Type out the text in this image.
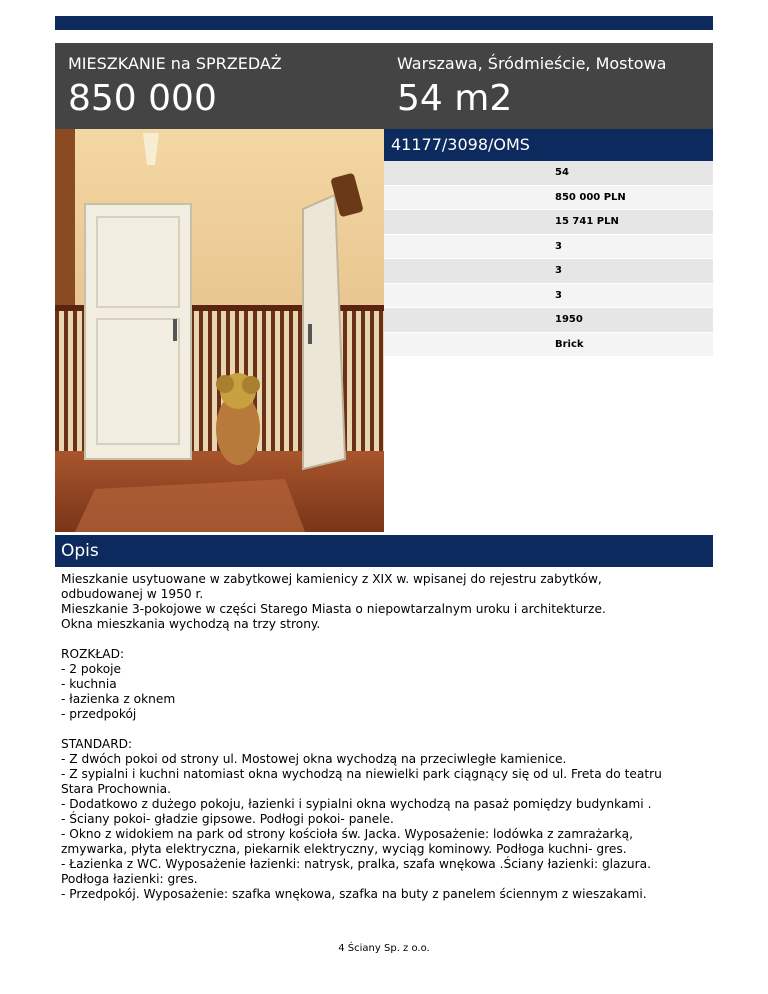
MIESZKANIE na SPRZEDAŻ
850 000
Warszawa, Śródmieście, Mostowa
54 m2
41177/3098/OMS
54
850 000 PLN
15 741 PLN
3
3
3
1950
Brick
Opis

Mieszkanie usytuowane w zabytkowej kamienicy z XIX w. wpisanej do rejestru zabytków,

odbudowanej w 1950 r.

Mieszkanie 3-pokojowe w części Starego Miasta o niepowtarzalnym uroku i architekturze.

Okna mieszkania wychodzą na trzy strony.

ROZKŁAD:

- 2 pokoje

- kuchnia

- łazienka z oknem

- przedpokój

STANDARD:

- Z dwóch pokoi od strony ul. Mostowej okna wychodzą na przeciwległe kamienice.

- Z sypialni i kuchni natomiast okna wychodzą na niewielki park ciągnący się od ul. Freta do teatru

Stara Prochownia.

- Dodatkowo z dużego pokoju, łazienki i sypialni okna wychodzą na pasaż pomiędzy budynkami .

- Ściany pokoi- gładzie gipsowe. Podłogi pokoi- panele.

- Okno z widokiem na park od strony kościoła św. Jacka. Wyposażenie: lodówka z zamrażarką,

zmywarka, płyta elektryczna, piekarnik elektryczny, wyciąg kominowy. Podłoga kuchni- gres.

- Łazienka z WC. Wyposażenie łazienki: natrysk, pralka, szafa wnękowa .Ściany łazienki: glazura.

Podłoga łazienki: gres.

- Przedpokój. Wyposażenie: szafka wnękowa, szafka na buty z panelem ściennym z wieszakami.

4 Ściany Sp. z o.o.
